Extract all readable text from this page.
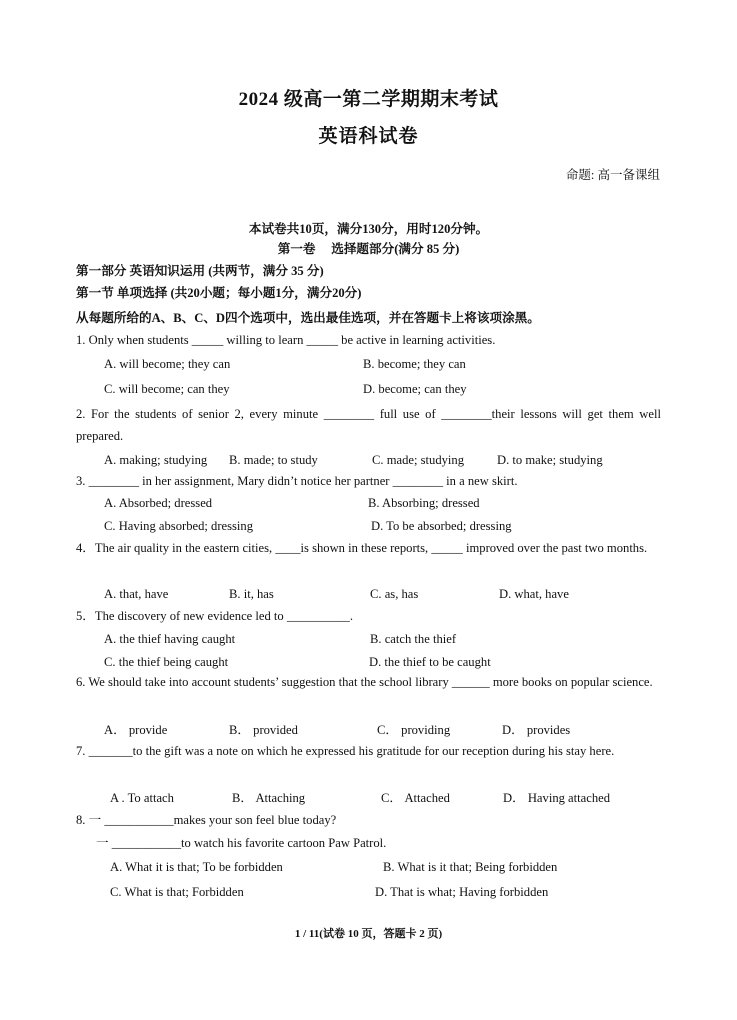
2024 级高一第二学期期末考试
英语科试卷
命题: 高一备课组
本试卷共10页，满分130分，用时120分钟。
第一卷　 选择题部分(满分 85 分)
第一部分 英语知识运用 (共两节，满分 35 分)
第一节 单项选择 (共20小题；每小题1分，满分20分)
从每题所给的A、B、C、D四个选项中，选出最佳选项，并在答题卡上将该项涂黑。
1. Only when students _____ willing to learn _____ be active in learning activities.
A. will become; they can	B. become; they can
C. will become; can they	D. become; can they
2. For the students of senior 2, every minute ________ full use of ________their lessons will get them well prepared.
A. making; studying B. made; to study	C. made; studying	D. to make; studying
3. ________ in her assignment, Mary didn’t notice her partner ________ in a new skirt.
A. Absorbed; dressed	B. Absorbing; dressed
C. Having absorbed; dressing	D. To be absorbed; dressing
4．The air quality in the eastern cities, ____is shown in these reports, _____ improved over the past two months.
A. that, have	B. it, has	C. as, has	D. what, have
5．The discovery of new evidence led to __________.
A. the thief having caught	B. catch the thief
C. the thief being caught	D. the thief to be caught
6. We should take into account students’ suggestion that the school library ______ more books on popular science.
A． provide	B． provided	C． providing	D． provides
7. _______to the gift was a note on which he expressed his gratitude for our reception during his stay here.
A . To attach	B． Attaching	C． Attached	D． Having attached
8. 一 ___________makes your son feel blue today?
一 ___________to watch his favorite cartoon Paw Patrol.
A. What it is that; To be forbidden	B. What is it that; Being forbidden
C. What is that; Forbidden	D. That is what; Having forbidden
1 / 11(试卷 10 页，答题卡 2 页)
